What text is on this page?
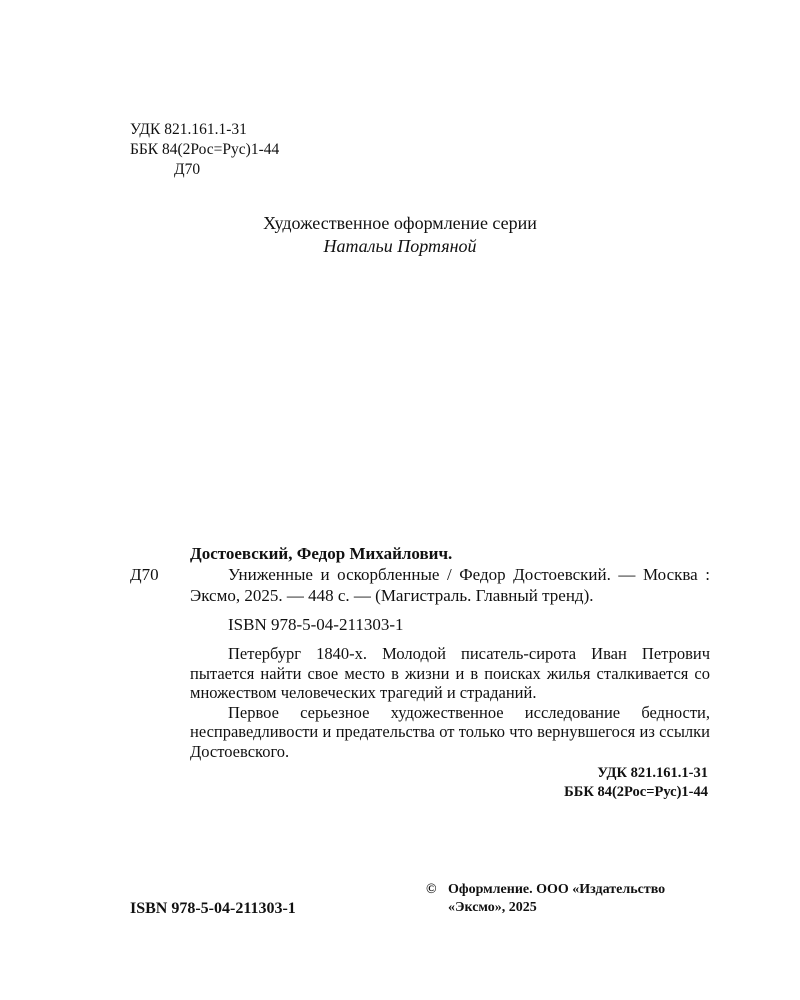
УДК 821.161.1-31
ББК 84(2Рос=Рус)1-44
Д70
Художественное оформление серии
Натальи Портяной
Достоевский, Федор Михайлович.
Д70	Униженные и оскорбленные / Федор Достоевский. — Москва : Эксмо, 2025. — 448 с. — (Магистраль. Главный тренд).

ISBN 978-5-04-211303-1

Петербург 1840-х. Молодой писатель-сирота Иван Петрович пытается найти свое место в жизни и в поисках жилья сталкивается со множеством человеческих трагедий и страданий.

Первое серьезное художественное исследование бедности, несправедливости и предательства от только что вернувшегося из ссылки Достоевского.

УДК 821.161.1-31
ББК 84(2Рос=Рус)1-44
ISBN 978-5-04-211303-1
© Оформление. ООО «Издательство
«Эксмо», 2025
